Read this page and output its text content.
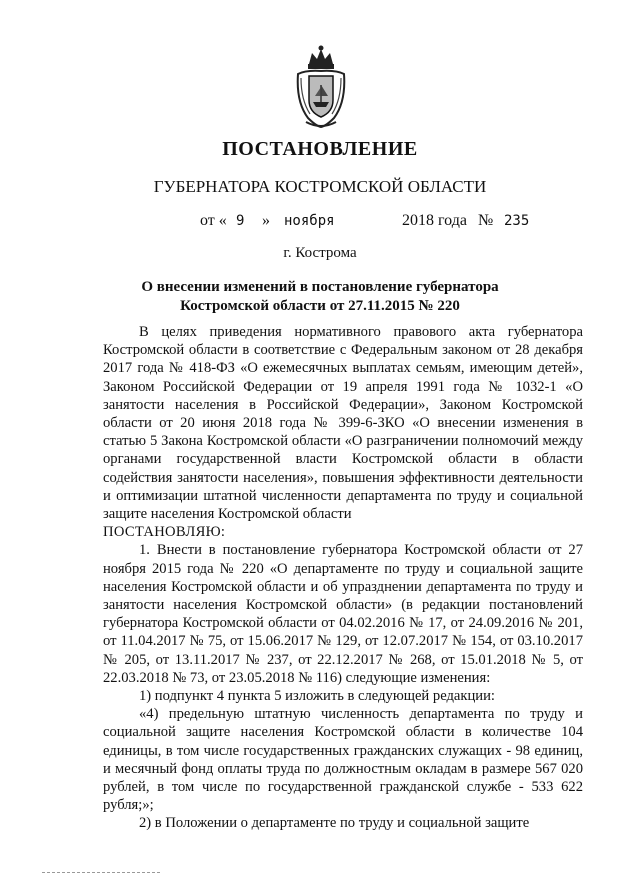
ПОСТАНОВЛЕНИЕ
ГУБЕРНАТОРА КОСТРОМСКОЙ ОБЛАСТИ
от « 9 » ноября	2018 года № 235
г. Кострома
О внесении изменений в постановление губернатора
Костромской области от 27.11.2015 № 220

В целях приведения нормативного правового акта губернатора Костромской области в соответствие с Федеральным законом от 28 декабря 2017 года № 418-ФЗ «О ежемесячных выплатах семьям, имеющим детей», Законом Российской Федерации от 19 апреля 1991 года № 1032-1 «О занятости населения в Российской Федерации», Законом Костромской области от 20 июня 2018 года № 399-6-ЗКО «О внесении изменения в статью 5 Закона Костромской области «О разграничении полномочий между органами государственной власти Костромской области в области содействия занятости населения», повышения эффективности деятельности и оптимизации штатной численности департамента по труду и социальной защите населения Костромской области

ПОСТАНОВЛЯЮ:

1. Внести в постановление губернатора Костромской области от 27 ноября 2015 года № 220 «О департаменте по труду и социальной защите населения Костромской области и об упразднении департамента по труду и занятости населения Костромской области» (в редакции постановлений губернатора Костромской области от 04.02.2016 № 17, от 24.09.2016 № 201, от 11.04.2017 № 75, от 15.06.2017 № 129, от 12.07.2017 № 154, от 03.10.2017 № 205, от 13.11.2017 № 237, от 22.12.2017 № 268, от 15.01.2018 № 5, от 22.03.2018 № 73, от 23.05.2018 № 116) следующие изменения:

1) подпункт 4 пункта 5 изложить в следующей редакции:

«4) предельную штатную численность департамента по труду и социальной защите населения Костромской области в количестве 104 единицы, в том числе государственных гражданских служащих - 98 единиц, и месячный фонд оплаты труда по должностным окладам в размере 567 020 рублей, в том числе по государственной гражданской службе - 533 622 рубля;»;

2) в Положении о департаменте по труду и социальной защите
